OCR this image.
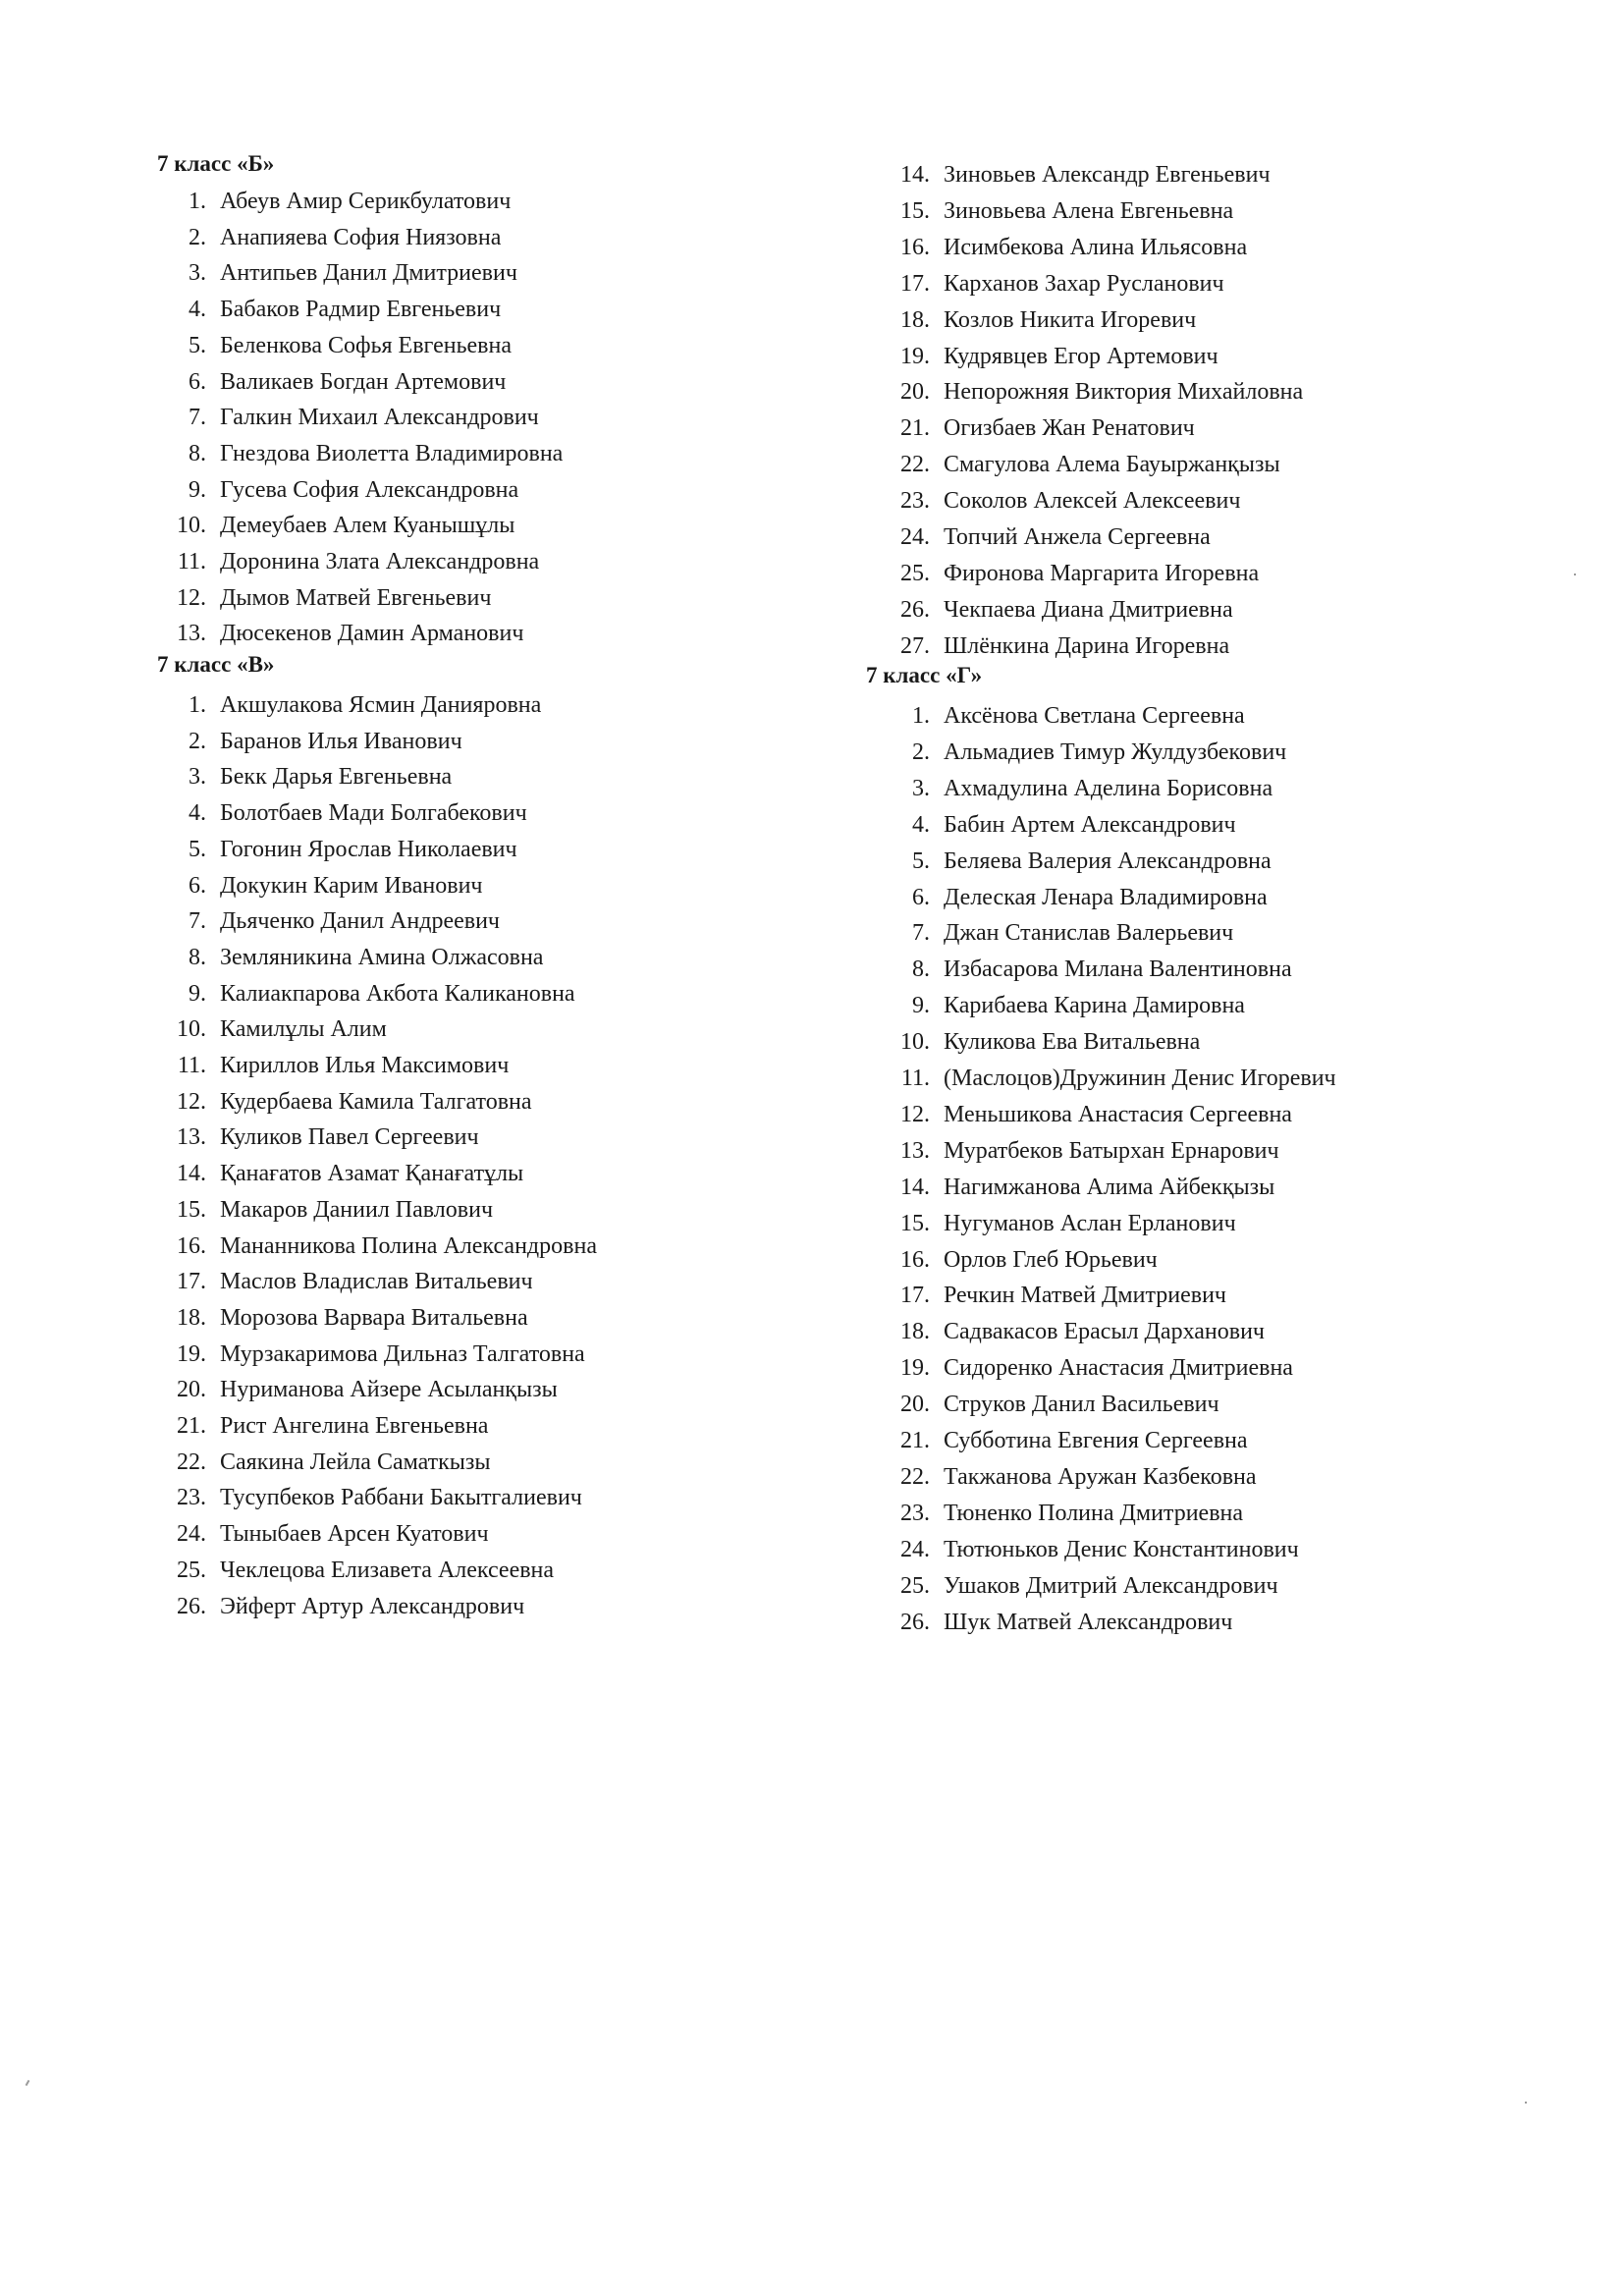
7 класс «Б»
1. Абеув Амир Серикбулатович
2. Анапияева София Ниязовна
3. Антипьев Данил Дмитриевич
4. Бабаков Радмир Евгеньевич
5. Беленкова Софья Евгеньевна
6. Валикаев Богдан Артемович
7. Галкин Михаил Александрович
8. Гнездова Виолетта Владимировна
9. Гусева София Александровна
10. Демеубаев Алем Куанышұлы
11. Доронина Злата Александровна
12. Дымов Матвей Евгеньевич
13. Дюсекенов Дамин Арманович
7 класс «В»
1. Акшулакова Ясмин Данияровна
2. Баранов Илья Иванович
3. Бекк Дарья Евгеньевна
4. Болотбаев Мади Болгабекович
5. Гогонин Ярослав Николаевич
6. Докукин Карим Иванович
7. Дьяченко Данил Андреевич
8. Земляникина Амина Олжасовна
9. Калиакпарова Акбота Каликановна
10. Камилұлы Алим
11. Кириллов Илья Максимович
12. Кудербаева Камила Талгатовна
13. Куликов Павел Сергеевич
14. Қанағатов Азамат Қанағатұлы
15. Макаров Даниил Павлович
16. Мананникова Полина Александровна
17. Маслов Владислав Витальевич
18. Морозова Варвара Витальевна
19. Мурзакаримова Дильназ Талгатовна
20. Нуриманова Айзере Асыланқызы
21. Рист Ангелина Евгеньевна
22. Саякина Лейла Саматкызы
23. Тусупбеков Раббани Бакытгалиевич
24. Тыныбаев Арсен Куатович
25. Чеклецова Елизавета Алексеевна
26. Эйферт Артур Александрович
14. Зиновьев Александр Евгеньевич
15. Зиновьева Алена Евгеньевна
16. Исимбекова Алина Ильясовна
17. Карханов Захар Русланович
18. Козлов Никита Игоревич
19. Кудрявцев Егор Артемович
20. Непорожняя Виктория Михайловна
21. Огизбаев Жан Ренатович
22. Смагулова Алема Бауыржанқызы
23. Соколов Алексей Алексеевич
24. Топчий Анжела Сергеевна
25. Фиронова Маргарита Игоревна
26. Чекпаева Диана Дмитриевна
27. Шлёнкина Дарина Игоревна
7 класс «Г»
1. Аксёнова Светлана Сергеевна
2. Альмадиев Тимур Жулдузбекович
3. Ахмадулина Аделина Борисовна
4. Бабин Артем Александрович
5. Беляева Валерия Александровна
6. Делеская Ленара Владимировна
7. Джан Станислав Валерьевич
8. Избасарова Милана Валентиновна
9. Карибаева Карина Дамировна
10. Куликова Ева Витальевна
11. (Маслоцов)Дружинин Денис Игоревич
12. Меньшикова Анастасия Сергеевна
13. Муратбеков Батырхан Ернарович
14. Нагимжанова Алима Айбекқызы
15. Нугуманов Аслан Ерланович
16. Орлов Глеб Юрьевич
17. Речкин Матвей Дмитриевич
18. Садвакасов Ерасыл Дарханович
19. Сидоренко Анастасия Дмитриевна
20. Струков Данил Васильевич
21. Субботина Евгения Сергеевна
22. Такжанова Аружан Казбековна
23. Тюненко Полина Дмитриевна
24. Тютюньков Денис Константинович
25. Ушаков Дмитрий Александрович
26. Шук Матвей Александрович
